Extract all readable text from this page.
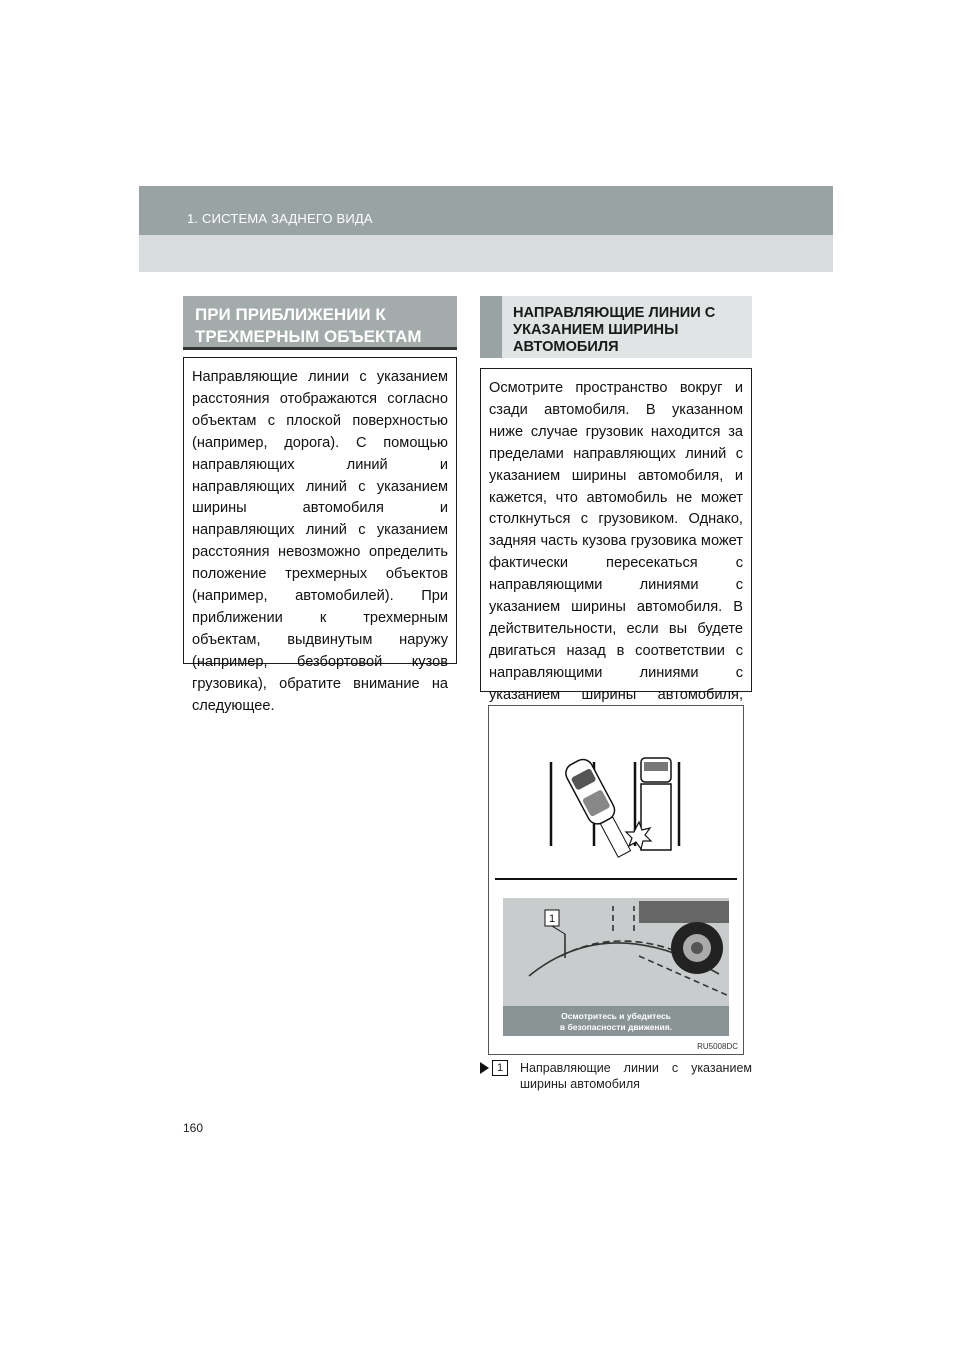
1. СИСТЕМА ЗАДНЕГО ВИДА
ПРИ ПРИБЛИЖЕНИИ К ТРЕХМЕРНЫМ ОБЪЕКТАМ
Направляющие линии с указанием расстояния отображаются согласно объектам с плоской поверхностью (например, дорога). С помощью направляющих линий и направляющих линий с указанием ширины автомобиля и направляющих линий с указанием расстояния невозможно определить положение трехмерных объектов (например, автомобилей). При приближении к трехмерным объектам, выдвинутым наружу (например, безбортовой кузов грузовика), обратите внимание на следующее.
НАПРАВЛЯЮЩИЕ ЛИНИИ С УКАЗАНИЕМ ШИРИНЫ АВТОМОБИЛЯ
Осмотрите пространство вокруг и сзади автомобиля. В указанном ниже случае грузовик находится за пределами направляющих линий с указанием ширины автомобиля, и кажется, что автомобиль не может столкнуться с грузовиком. Однако, задняя часть кузова грузовика может фактически пересекаться с направляющими линиями с указанием ширины автомобиля. В действительности, если вы будете двигаться назад в соответствии с направляющими линиями с указанием ширины автомобиля,
1
Осмотритесь и убедитесь
в безопасности движения.
RU5008DC
1	Направляющие линии с указанием ширины автомобиля
160
